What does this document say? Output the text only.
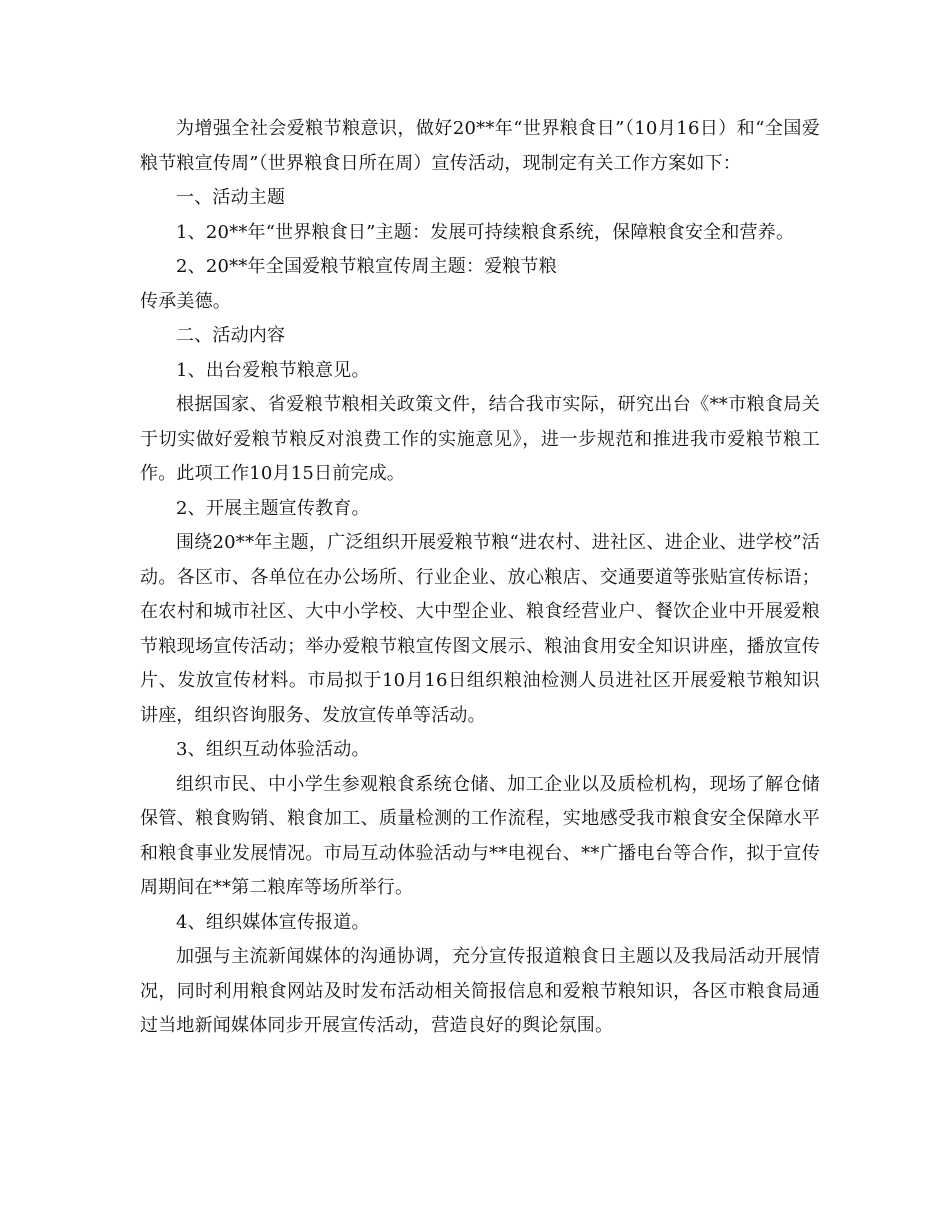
为增强全社会爱粮节粮意识，做好20**年“世界粮食日”（10月16日）和“全国爱粮节粮宣传周”（世界粮食日所在周）宣传活动，现制定有关工作方案如下：

一、活动主题

1、20**年“世界粮食日”主题：发展可持续粮食系统，保障粮食安全和营养。

2、20**年全国爱粮节粮宣传周主题：爱粮节粮

传承美德。

二、活动内容

1、出台爱粮节粮意见。

根据国家、省爱粮节粮相关政策文件，结合我市实际，研究出台《**市粮食局关于切实做好爱粮节粮反对浪费工作的实施意见》，进一步规范和推进我市爱粮节粮工作。此项工作10月15日前完成。

2、开展主题宣传教育。

围绕20**年主题，广泛组织开展爱粮节粮“进农村、进社区、进企业、进学校”活动。各区市、各单位在办公场所、行业企业、放心粮店、交通要道等张贴宣传标语；在农村和城市社区、大中小学校、大中型企业、粮食经营业户、餐饮企业中开展爱粮节粮现场宣传活动；举办爱粮节粮宣传图文展示、粮油食用安全知识讲座，播放宣传片、发放宣传材料。市局拟于10月16日组织粮油检测人员进社区开展爱粮节粮知识讲座，组织咨询服务、发放宣传单等活动。

3、组织互动体验活动。

组织市民、中小学生参观粮食系统仓储、加工企业以及质检机构，现场了解仓储保管、粮食购销、粮食加工、质量检测的工作流程，实地感受我市粮食安全保障水平和粮食事业发展情况。市局互动体验活动与**电视台、**广播电台等合作，拟于宣传周期间在**第二粮库等场所举行。

4、组织媒体宣传报道。

加强与主流新闻媒体的沟通协调，充分宣传报道粮食日主题以及我局活动开展情况，同时利用粮食网站及时发布活动相关简报信息和爱粮节粮知识，各区市粮食局通过当地新闻媒体同步开展宣传活动，营造良好的舆论氛围。
